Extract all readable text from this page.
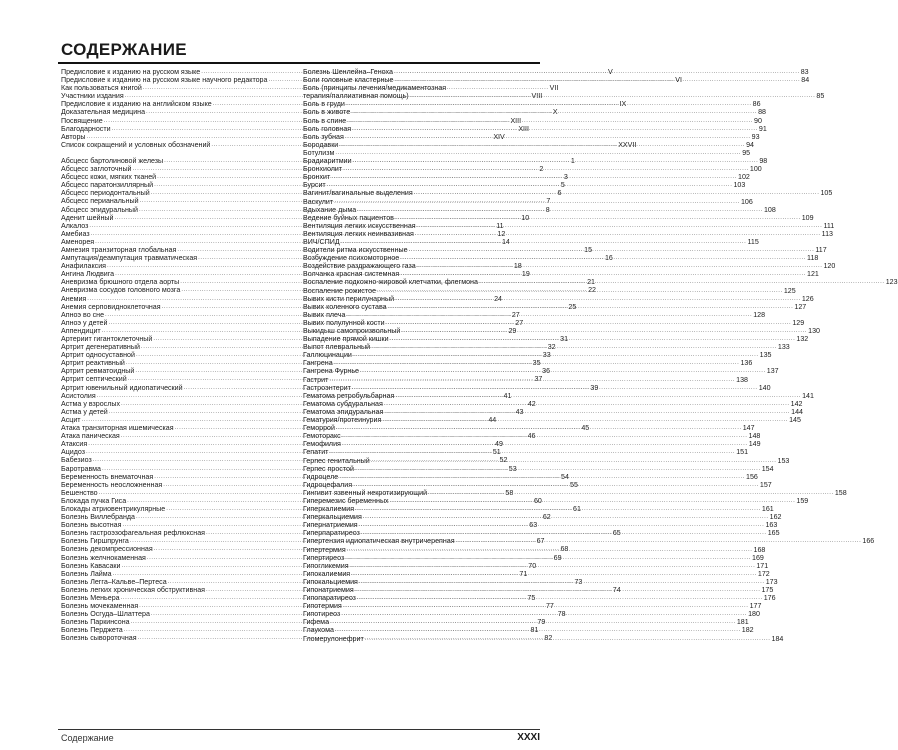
СОДЕРЖАНИЕ
Предисловие к изданию на русском языке .....	V
Предисловие к изданию на русском языке научного редактора .....	VI
Как пользоваться книгой .....	VII
Участники издания .....	VIII
Предисловие к изданию на английском языке .....	IX
Доказательная медицина .....	X
Посвящение .....	XIII
Благодарности .....	XIII
Авторы .....	XIV
Список сокращений и условных обозначений .....	XXVII
Абсцесс бартолиновой железы .....	1
Абсцесс заглоточный .....	2
Абсцесс кожи, мягких тканей .....	3
Абсцесс паратонзиллярный .....	5
Абсцесс периодонтальный .....	6
Абсцесс перианальный .....	7
Абсцесс эпидуральный .....	8
Аденит шейный .....	10
Алкалоз .....	11
Амебиаз .....	12
Аменорея .....	14
Амнезия транзиторная глобальная .....	15
Ампутация/деампутация травматическая .....	16
Анафилаксия .....	18
Ангина Людвига .....	19
Аневризма брюшного отдела аорты .....	21
Аневризма сосудов головного мозга .....	22
Анемия .....	24
Анемия серповидноклеточная .....	25
Апноэ во сне .....	27
Апноэ у детей .....	27
Аппендицит .....	29
Артериит гигантоклеточный .....	31
Артрит дегенеративный .....	32
Артрит односуставной .....	33
Артрит реактивный .....	35
Артрит ревматоидный .....	36
Артрит септический .....	37
Артрит ювенильный идиопатический .....	39
Асистолия .....	41
Астма у взрослых .....	42
Астма у детей .....	43
Асцит .....	44
Атака транзиторная ишемическая .....	45
Атака паническая .....	46
Атаксия .....	49
Ацидоз .....	51
Бабезиоз .....	52
Баротравма .....	53
Беременность внематочная .....	54
Беременность неосложненная .....	55
Бешенство .....	58
Блокада пучка Гиса .....	60
Блокады атриовентрикулярные .....	61
Болезнь Виллебранда .....	62
Болезнь высотная .....	63
Болезнь гастроэзофагеальная рефлюксная .....	65
Болезнь Гиршпрунга .....	67
Болезнь декомпрессионная .....	68
Болезнь желчнокаменная .....	69
Болезнь Кавасаки .....	70
Болезнь Лайма .....	71
Болезнь Легга–Кальве–Пертеса .....	73
Болезнь легких хроническая обструктивная .....	74
Болезнь Меньера .....	75
Болезнь мочекаменная .....	77
Болезнь Осгуда–Шлаттера .....	78
Болезнь Паркинсона .....	79
Болезнь Перджета .....	81
Болезнь сывороточная .....	82
Болезнь Шенлейна–Геноха .....	83
Боли головные кластерные .....	84
Боль (принципы лечения/медикаментозная
терапия/паллиативная помощь) .....	85
Боль в груди .....	86
Боль в животе .....	88
Боль в спине .....	90
Боль головная .....	91
Боль зубная .....	93
Бородавки .....	94
Ботулизм .....	95
Брадиаритмии .....	98
Бронхиолит .....	100
Бронхит .....	102
Бурсит .....	103
Вагинит/вагинальные выделения .....	105
Васкулит .....	106
Вдыхание дыма .....	108
Ведение буйных пациентов .....	109
Вентиляция легких искусственная .....	111
Вентиляция легких неинвазивная .....	113
ВИЧ/СПИД .....	115
Водители ритма искусственные .....	117
Возбуждение психомоторное .....	118
Воздействие раздражающего газа .....	120
Волчанка красная системная .....	121
Воспаление подкожно-жировой клетчатки, флегмона .....	123
Воспаление рожистое .....	125
Вывих кисти перилунарный .....	126
Вывих коленного сустава .....	127
Вывих плеча .....	128
Вывих полулунной кости .....	129
Выкидыш самопроизвольный .....	130
Выпадение прямой кишки .....	132
Выпот плевральный .....	133
Галлюцинации .....	135
Гангрена .....	136
Гангрена Фурнье .....	137
Гастрит .....	138
Гастроэнтерит .....	140
Гематома ретробульбарная .....	141
Гематома субдуральная .....	142
Гематома эпидуральная .....	144
Гематурия/протеинурия .....	145
Геморрой .....	147
Гемоторакс .....	148
Гемофилия .....	149
Гепатит .....	151
Герпес генитальный .....	153
Герпес простой .....	154
Гидроцеле .....	156
Гидроцефалия .....	157
Гингивит язвенный некротизирующий .....	158
Гиперемезис беременных .....	159
Гиперкалиемия .....	161
Гиперкальциемия .....	162
Гипернатриемия .....	163
Гиперпаратиреоз .....	165
Гипертензия идиопатическая внутричерепная .....	166
Гипертермия .....	168
Гипертиреоз .....	169
Гипогликемия .....	171
Гипокалиемия .....	172
Гипокальциемия .....	173
Гипонатриемия .....	175
Гипопаратиреоз .....	176
Гипотермия .....	177
Гипотиреоз .....	180
Гифема .....	181
Глаукома .....	182
Гломерулонефрит .....	184
Содержание	XXXI
